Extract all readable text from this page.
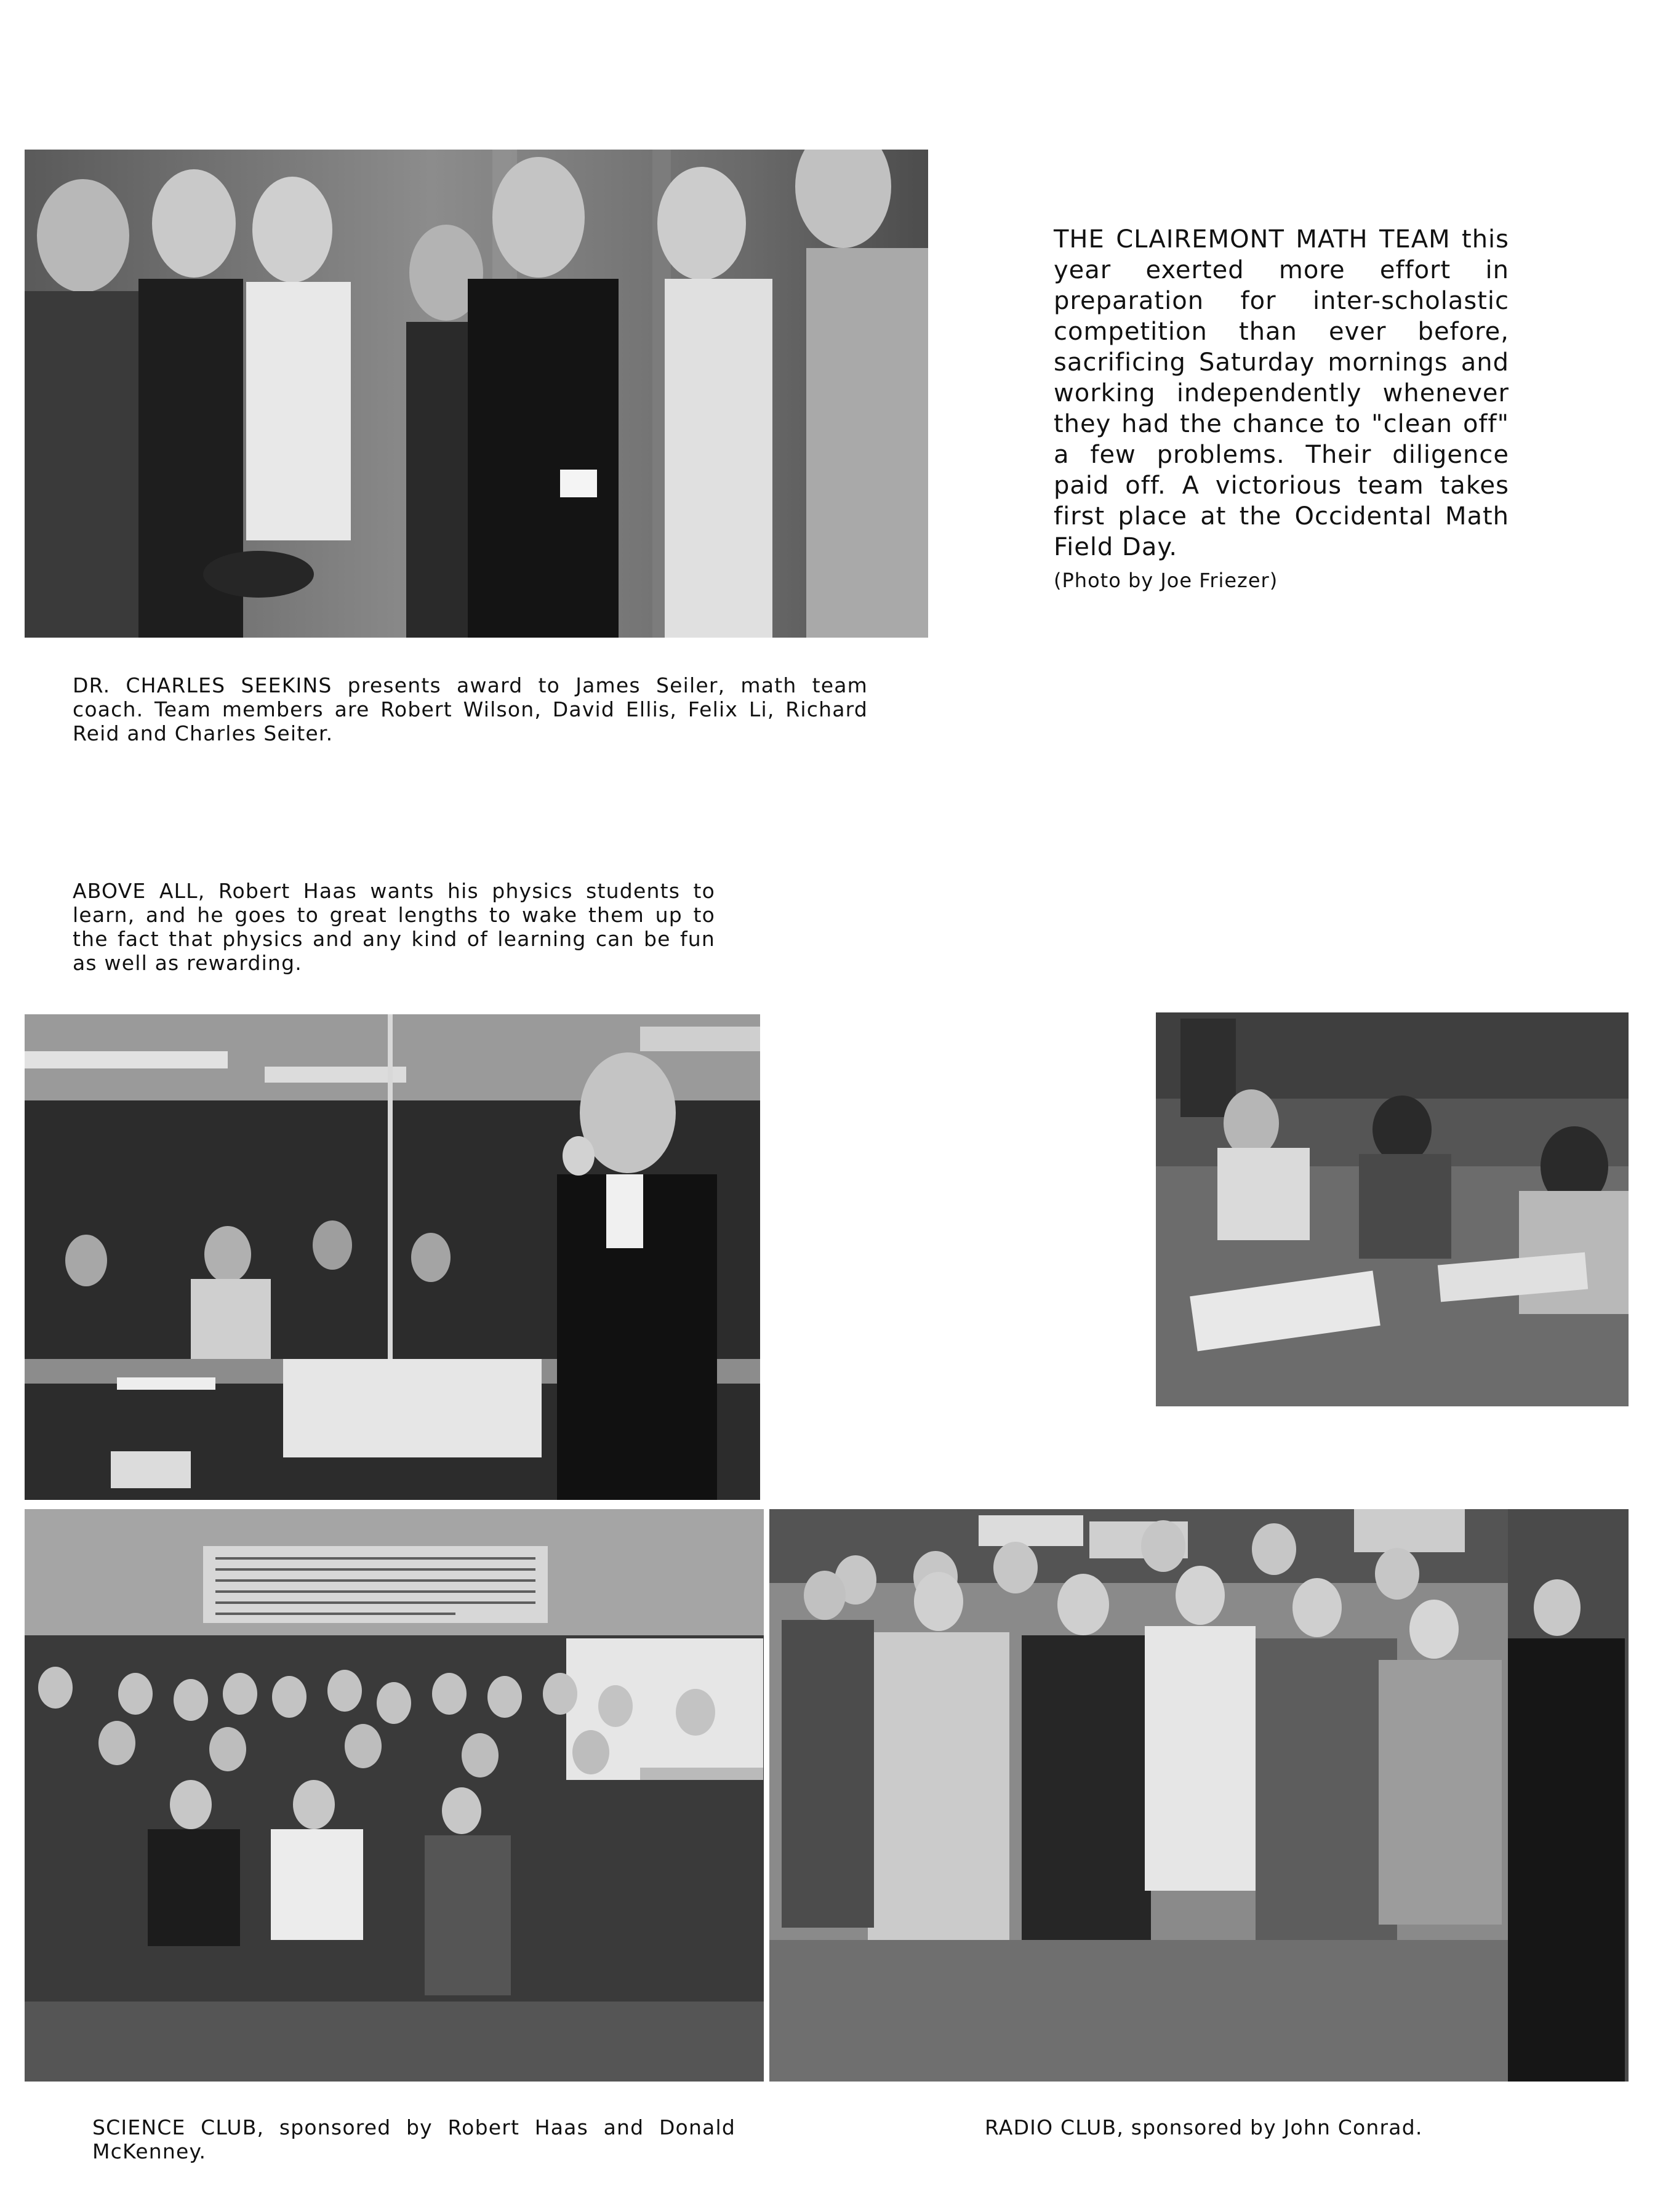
THE CLAIREMONT MATH TEAM this year exerted more effort in preparation for inter-scholastic competition than ever before, sacrificing Saturday mornings and working independently whenever they had the chance to "clean off" a few problems. Their diligence paid off. A victorious team takes first place at the Occidental Math Field Day.
(Photo by Joe Friezer)
DR. CHARLES SEEKINS presents award to James Seiler, math team coach. Team members are Robert Wilson, David Ellis, Felix Li, Richard Reid and Charles Seiter.
ABOVE ALL, Robert Haas wants his physics students to learn, and he goes to great lengths to wake them up to the fact that physics and any kind of learning can be fun as well as rewarding.
SCIENCE CLUB, sponsored by Robert Haas and Donald McKenney.
RADIO CLUB, sponsored by John Conrad.
